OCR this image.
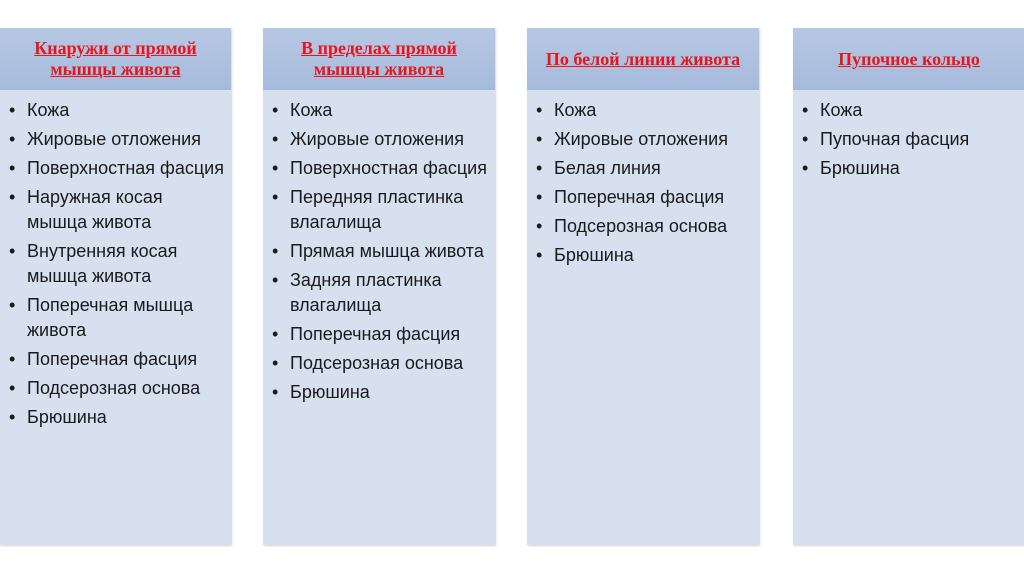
Кнаружи от прямой мышцы живота
• Кожа
• Жировые отложения
• Поверхностная фасция
• Наружная косая мышца живота
• Внутренняя косая мышца живота
• Поперечная мышца живота
• Поперечная фасция
• Подсерозная основа
• Брюшина
В пределах прямой мышцы живота
• Кожа
• Жировые отложения
• Поверхностная фасция
• Передняя пластинка влагалища
• Прямая мышца живота
• Задняя пластинка влагалища
• Поперечная фасция
• Подсерозная основа
• Брюшина
По белой линии живота
• Кожа
• Жировые отложения
• Белая линия
• Поперечная фасция
• Подсерозная основа
• Брюшина
Пупочное кольцо
• Кожа
• Пупочная фасция
• Брюшина
